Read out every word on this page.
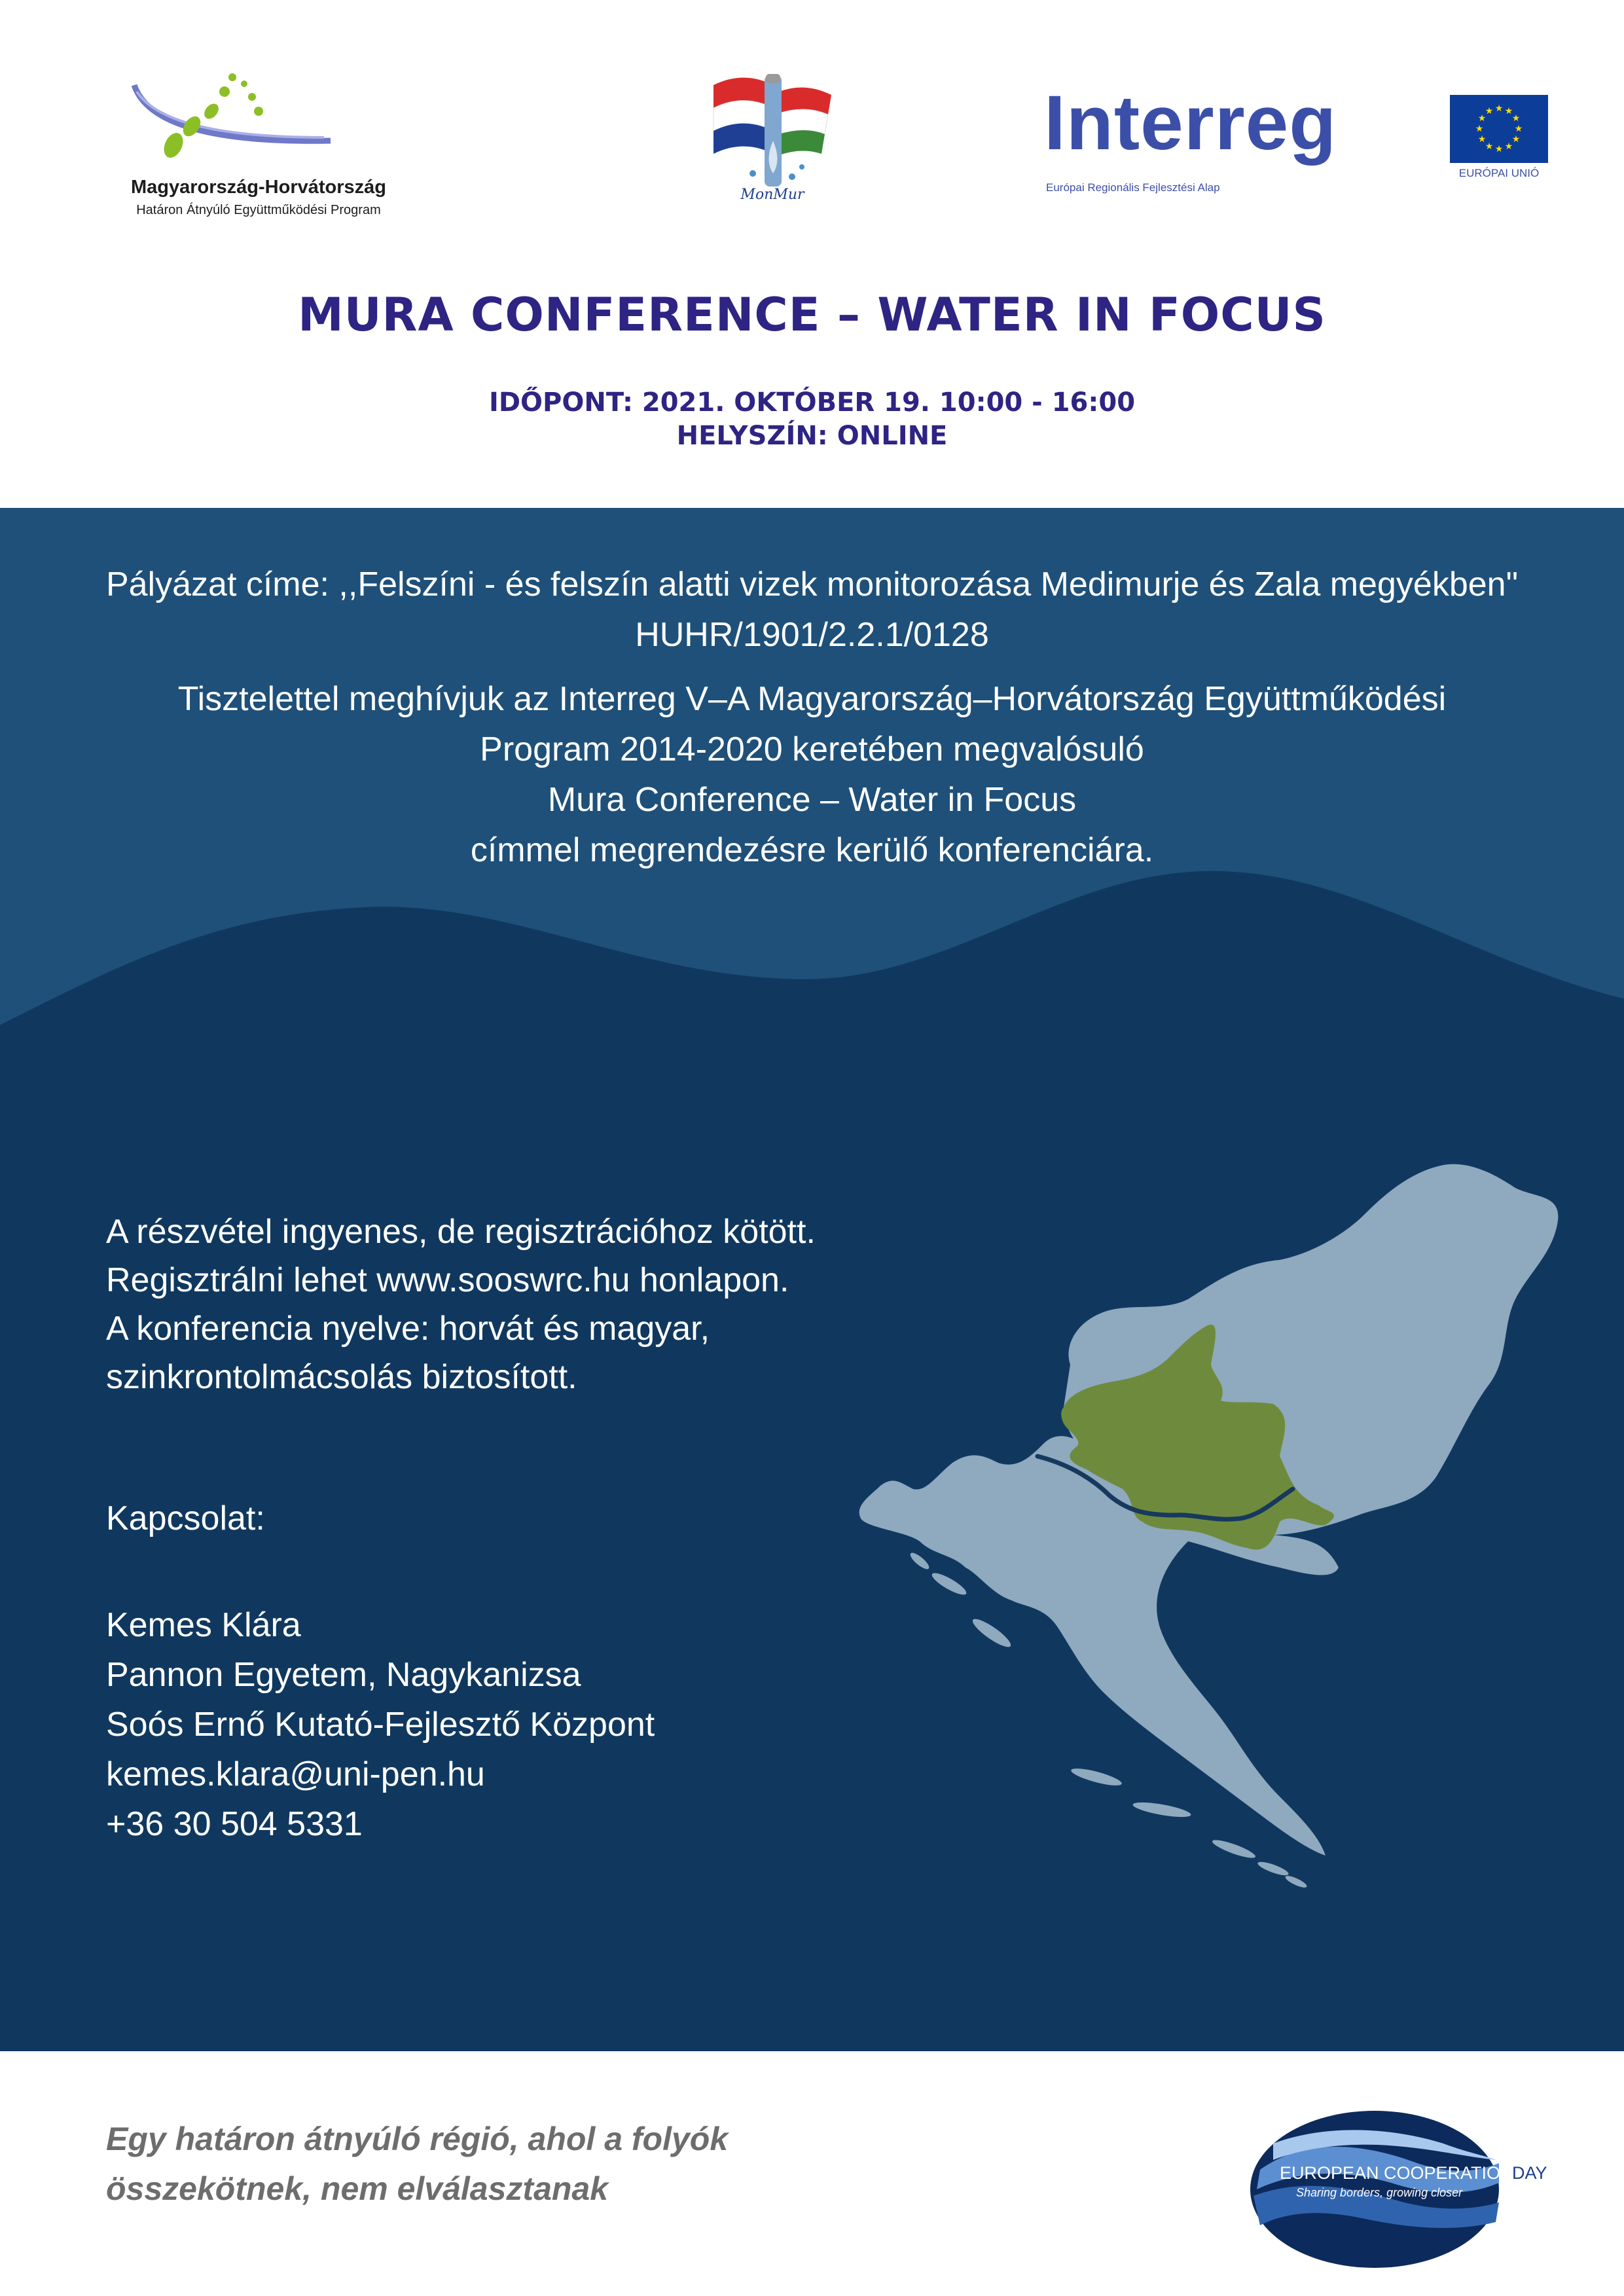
Magyarország-Horvátország
Határon Átnyúló Együttműködési Program
MonMur
Interreg
Európai Regionális Fejlesztési Alap
★ ★
★
★
★
★
★
★
★
★
★
★
EURÓPAI UNIÓ
MURA CONFERENCE – WATER IN FOCUS
IDŐPONT: 2021. OKTÓBER 19. 10:00 - 16:00
HELYSZÍN: ONLINE
Pályázat címe: ,,Felszíni - és felszín alatti vizek monitorozása Medimurje és Zala megyékben"
HUHR/1901/2.2.1/0128
Tisztelettel meghívjuk az Interreg V–A Magyarország–Horvátország Együttműködési
Program 2014-2020 keretében megvalósuló
Mura Conference – Water in Focus
címmel megrendezésre kerülő konferenciára.
A részvétel ingyenes, de regisztrációhoz kötött.
Regisztrálni lehet www.sooswrc.hu honlapon.
A konferencia nyelve: horvát és magyar,
szinkrontolmácsolás biztosított.
Kapcsolat:
Kemes Klára
Pannon Egyetem, Nagykanizsa
Soós Ernő Kutató-Fejlesztő Központ
kemes.klara@uni-pen.hu
+36 30 504 5331
Egy határon átnyúló régió, ahol a folyók
összekötnek, nem elválasztanak	EUROPEAN COOPERATION
DAY
Sharing borders, growing closer
